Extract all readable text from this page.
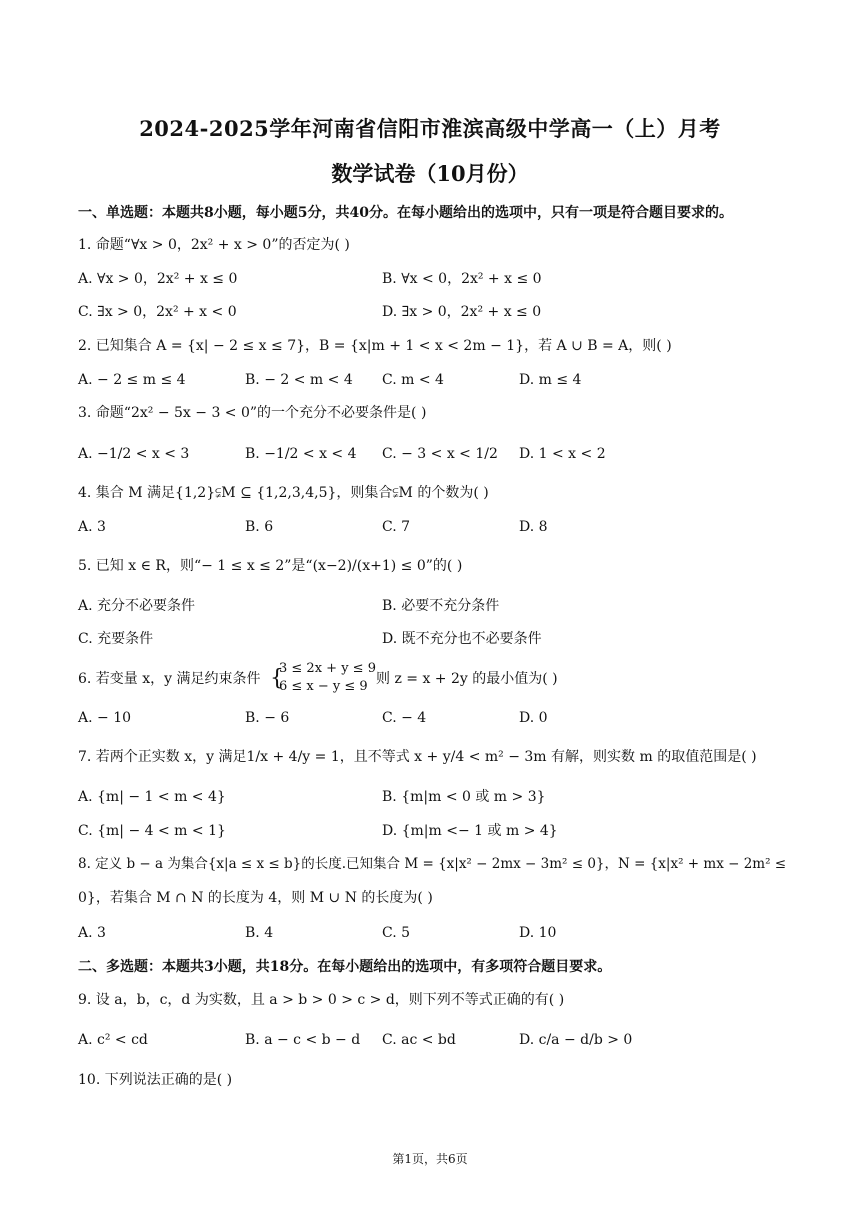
2024-2025学年河南省信阳市淮滨高级中学高一（上）月考
数学试卷（10月份）
一、单选题：本题共8小题，每小题5分，共40分。在每小题给出的选项中，只有一项是符合题目要求的。
1. 命题“∀x > 0，2x² + x > 0”的否定为( )
A. ∀x > 0，2x² + x ≤ 0	B. ∀x < 0，2x² + x ≤ 0
C. ∃x > 0，2x² + x < 0	D. ∃x > 0，2x² + x ≤ 0
2. 已知集合 A = {x| − 2 ≤ x ≤ 7}，B = {x|m + 1 < x < 2m − 1}，若 A ∪ B = A，则( )
A. − 2 ≤ m ≤ 4	B. − 2 < m < 4 C. m < 4	D. m ≤ 4
3. 命题“2x² − 5x − 3 < 0”的一个充分不必要条件是( )
A. −1/2 < x < 3	B. −1/2 < x < 4 C. − 3 < x < 1/2 D. 1 < x < 2
4. 集合 M 满足{1,2}⫋M ⊆ {1,2,3,4,5}，则集合⫋M 的个数为( )
A. 3	B. 6	C. 7	D. 8
5. 已知 x ∈ R，则“− 1 ≤ x ≤ 2”是“(x−2)/(x+1) ≤ 0”的( )
A. 充分不必要条件	B. 必要不充分条件
C. 充要条件	D. 既不充分也不必要条件
6. 若变量 x，y 满足约束条件 {
3 ≤ 2x + y ≤ 9
6 ≤ x − y ≤ 9 则 z = x + 2y 的最小值为( )
A. − 10	B. − 6	C. − 4	D. 0
7. 若两个正实数 x，y 满足1/x + 4/y = 1，且不等式 x + y/4 < m² − 3m 有解，则实数 m 的取值范围是( )
A. {m| − 1 < m < 4}	B. {m|m < 0 或 m > 3}
C. {m| − 4 < m < 1}	D. {m|m <− 1 或 m > 4}
8. 定义 b − a 为集合{x|a ≤ x ≤ b}的长度.已知集合 M = {x|x² − 2mx − 3m² ≤ 0}，N = {x|x² + mx − 2m² ≤
0}，若集合 M ∩ N 的长度为 4，则 M ∪ N 的长度为( )
A. 3	B. 4	C. 5	D. 10
二、多选题：本题共3小题，共18分。在每小题给出的选项中，有多项符合题目要求。
9. 设 a，b，c，d 为实数，且 a > b > 0 > c > d，则下列不等式正确的有( )
A. c² < cd	B. a − c < b − d C. ac < bd	D. c/a − d/b > 0
10. 下列说法正确的是( )
第1页，共6页
